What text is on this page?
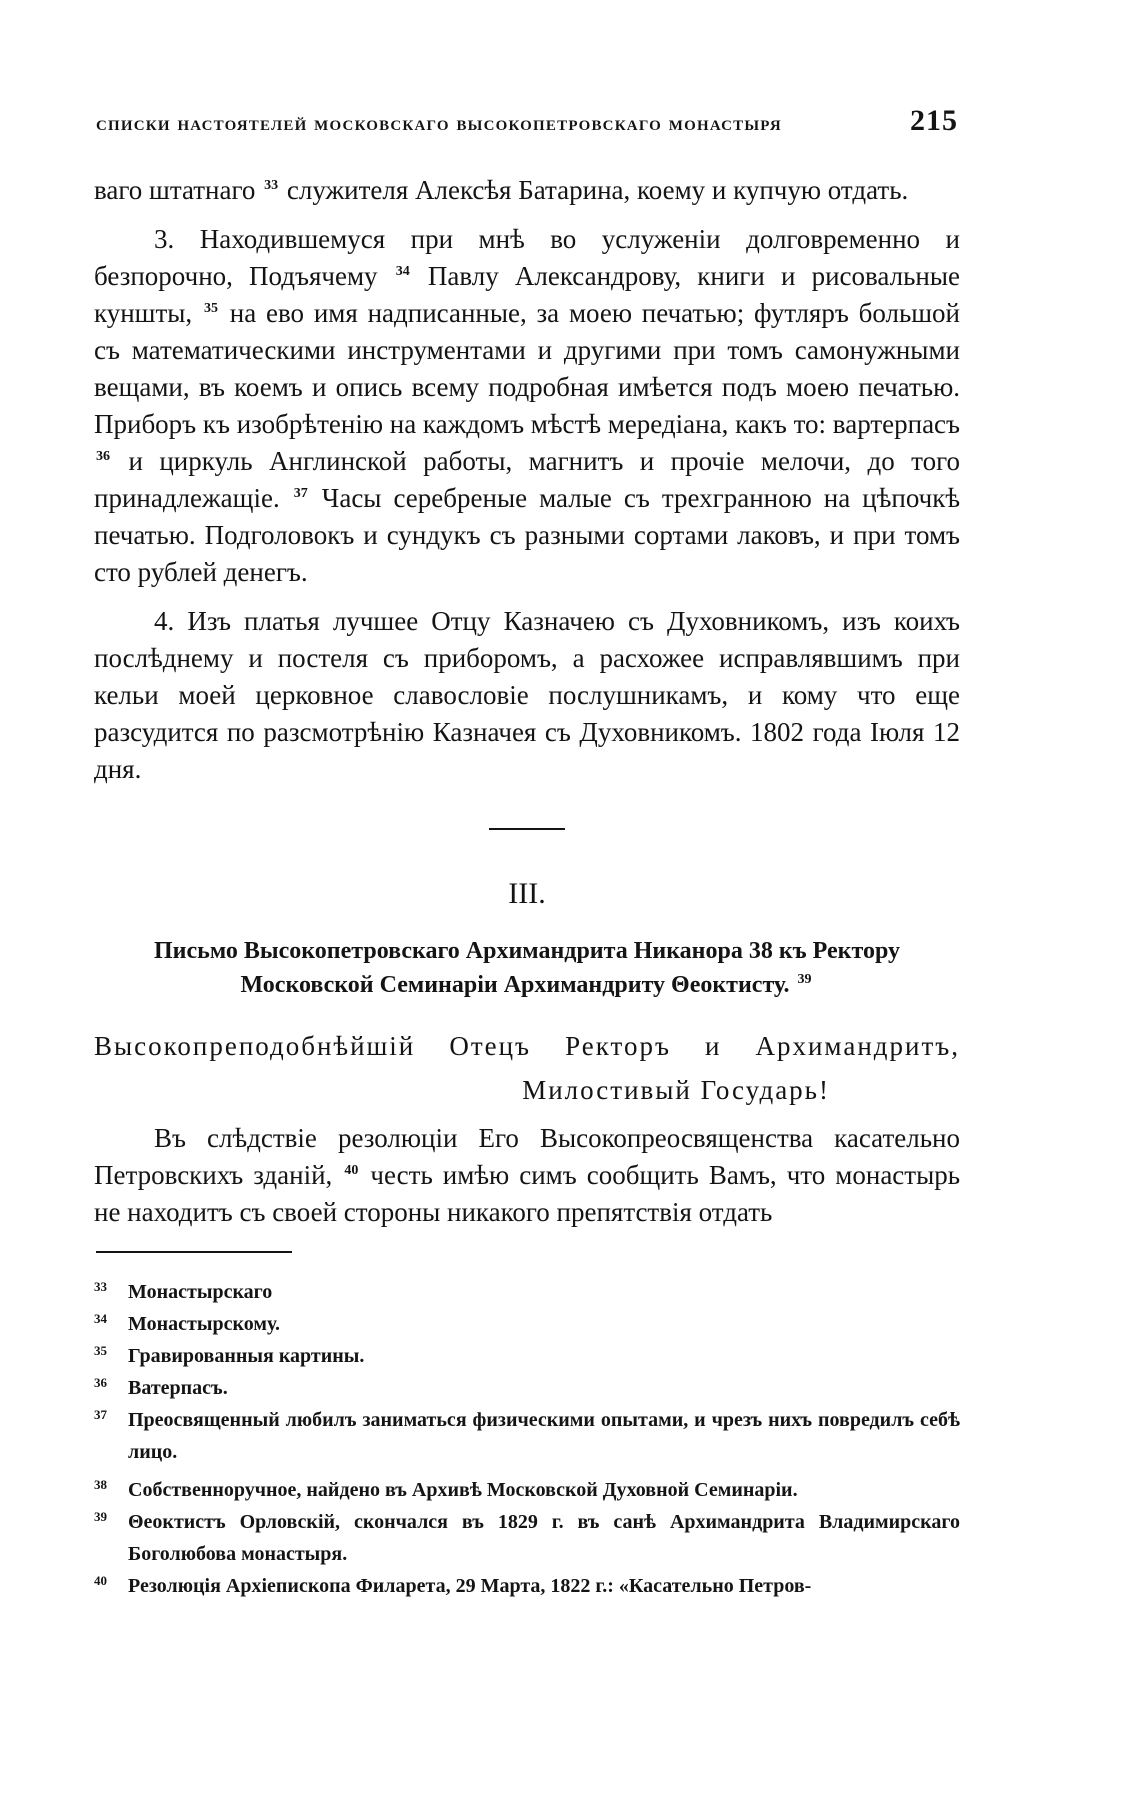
списки настоятелей московскаго высокопетровскаго монастыря	215

ваго штатнаго $^{33}$ служителя Алексѣя Батарина, коему и купчую отдать.

3. Находившемуся при мнѣ во услуженіи долговременно и безпорочно, Подъячему $^{34}$ Павлу Александрову, книги и рисовальные куншты, $^{35}$ на ево имя надписанные, за моею печатью; футляръ большой съ математическими инструментами и другими при томъ самонужными вещами, въ коемъ и опись всему подробная имѣется подъ моею печатью. Приборъ къ изобрѣтенію на каждомъ мѣстѣ мередіана, какъ то: вартерпасъ $^{36}$ и циркуль Англинской работы, магнитъ и прочіе мелочи, до того принадлежащіе. $^{37}$ Часы серебреные малые съ трехгранною на цѣпочкѣ печатью. Подголовокъ и сундукъ съ разными сортами лаковъ, и при томъ сто рублей денегъ.

4. Изъ платья лучшее Отцу Казначею съ Духовникомъ, изъ коихъ послѣднему и постеля съ приборомъ, а расхожее исправлявшимъ при кельи моей церковное славословіе послушникамъ, и кому что еще разсудится по разсмотрѣнію Казначея съ Духовникомъ. 1802 года Іюля 12 дня.

III.
Письмо Высокопетровскаго Архимандрита Никанора 38 къ Ректору Московской Семинаріи Архимандриту Θеоктисту. $^{39}$
Высокопреподобнѣйшій Отецъ Ректоръ и Архимандритъ,
Милостивый Государь!

Въ слѣдствіе резолюціи Его Высокопреосвященства касательно Петровскихъ зданій, $^{40}$ честь имѣю симъ сообщить Вамъ, что монастырь не находитъ съ своей стороны никакого препятствія отдать

33	Монастырскаго

34	Монастырскому.

35	Гравированныя картины.

36	Ватерпасъ.

37	Преосвященный любилъ заниматься физическими опытами, и чрезъ нихъ повредилъ себѣ лицо.

38	Собственноручное, найдено въ Архивѣ Московской Духовной Семинаріи.

39	Θеоктистъ Орловскій, скончался въ 1829 г. въ санѣ Архимандрита Владимирскаго Боголюбова монастыря.

40	Резолюція Архіепископа Филарета, 29 Марта, 1822 г.: «Касательно Петров-
